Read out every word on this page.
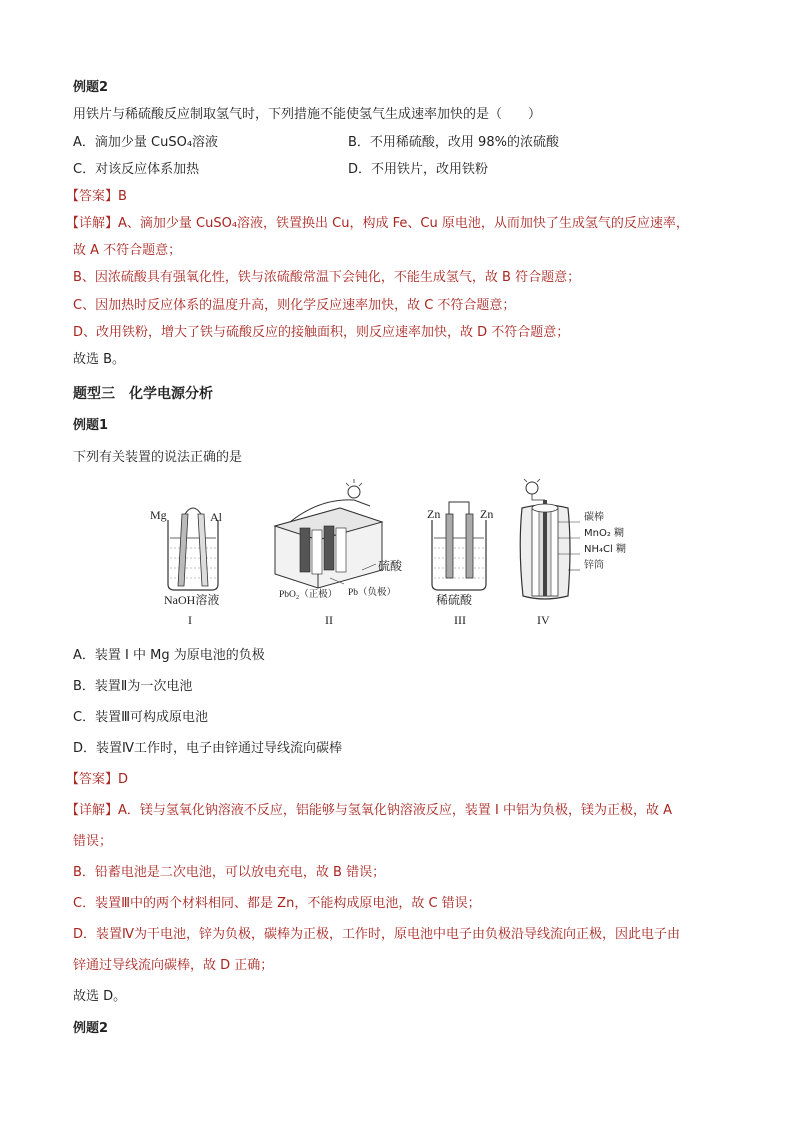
例题2
用铁片与稀硫酸反应制取氢气时，下列措施不能使氢气生成速率加快的是（　　）
A．滴加少量 CuSO₄溶液	B．不用稀硫酸，改用 98%的浓硫酸
C．对该反应体系加热	D．不用铁片，改用铁粉
【答案】B
【详解】A、滴加少量 CuSO₄溶液，铁置换出 Cu，构成 Fe、Cu 原电池，从而加快了生成氢气的反应速率，
故 A 不符合题意；
B、因浓硫酸具有强氧化性，铁与浓硫酸常温下会钝化，不能生成氢气，故 B 符合题意；
C、因加热时反应体系的温度升高，则化学反应速率加快，故 C 不符合题意；
D、改用铁粉，增大了铁与硫酸反应的接触面积，则反应速率加快，故 D 不符合题意；
故选 B。
题型三　化学电源分析
例题1
下列有关装置的说法正确的是
Mg	Al
NaOH溶液
I
硫酸
PbO₂（正极） Pb（负极）
II
Zn	Zn
稀硫酸
III	IV
碳棒
MnO₂ 糊
NH₄Cl 糊
锌筒
A．装置 I 中 Mg 为原电池的负极
B．装置Ⅱ为一次电池
C．装置Ⅲ可构成原电池
D．装置Ⅳ工作时，电子由锌通过导线流向碳棒
【答案】D
【详解】A．镁与氢氧化钠溶液不反应，铝能够与氢氧化钠溶液反应，装置 I 中铝为负极，镁为正极，故 A
错误；
B．铅蓄电池是二次电池，可以放电充电，故 B 错误；
C．装置Ⅲ中的两个材料相同、都是 Zn，不能构成原电池，故 C 错误；
D．装置Ⅳ为干电池，锌为负极，碳棒为正极，工作时，原电池中电子由负极沿导线流向正极，因此电子由
锌通过导线流向碳棒，故 D 正确；
故选 D。
例题2
